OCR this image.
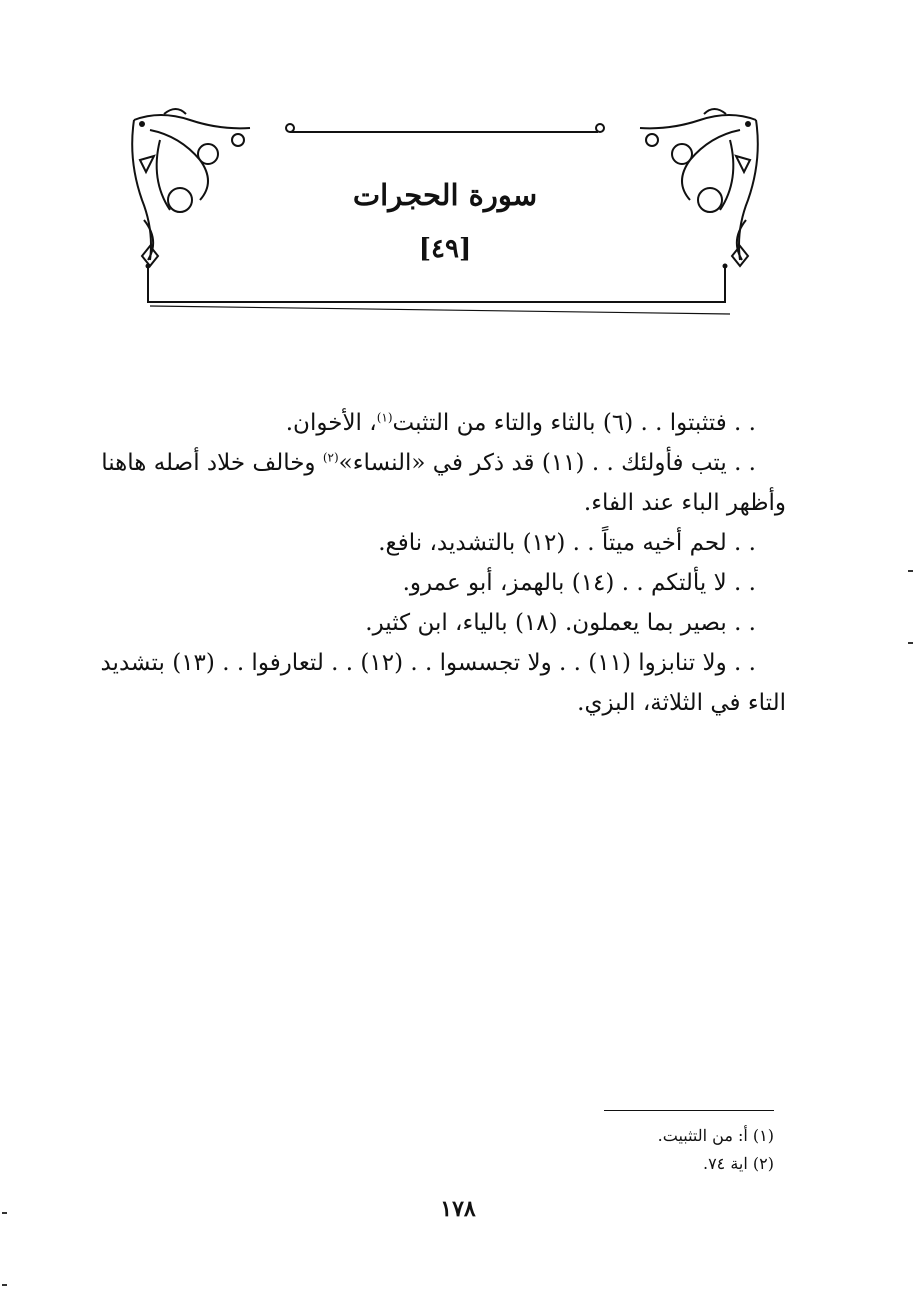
سورة الحجرات
[٤٩]
. . فتثبتوا . . (٦) بالثاء والتاء من التثبت$^{(١)}$، الأخوان.
. . يتب فأولئك . . (١١) قد ذكر في «النساء»$^{(٢)}$ وخالف خلاد أصله هاهنا
وأظهر الباء عند الفاء.
. . لحم أخيه ميتاً . . (١٢) بالتشديد، نافع.
. . لا يألتكم . . (١٤) بالهمز، أبو عمرو.
. . بصير بما يعملون. (١٨) بالياء، ابن كثير.
. . ولا تنابزوا (١١) . . ولا تجسسوا . . (١٢) . . لتعارفوا . . (١٣) بتشديد
التاء في الثلاثة، البزي.
(١) أ: من التثبيت.
(٢) اية ٧٤.
١٧٨
